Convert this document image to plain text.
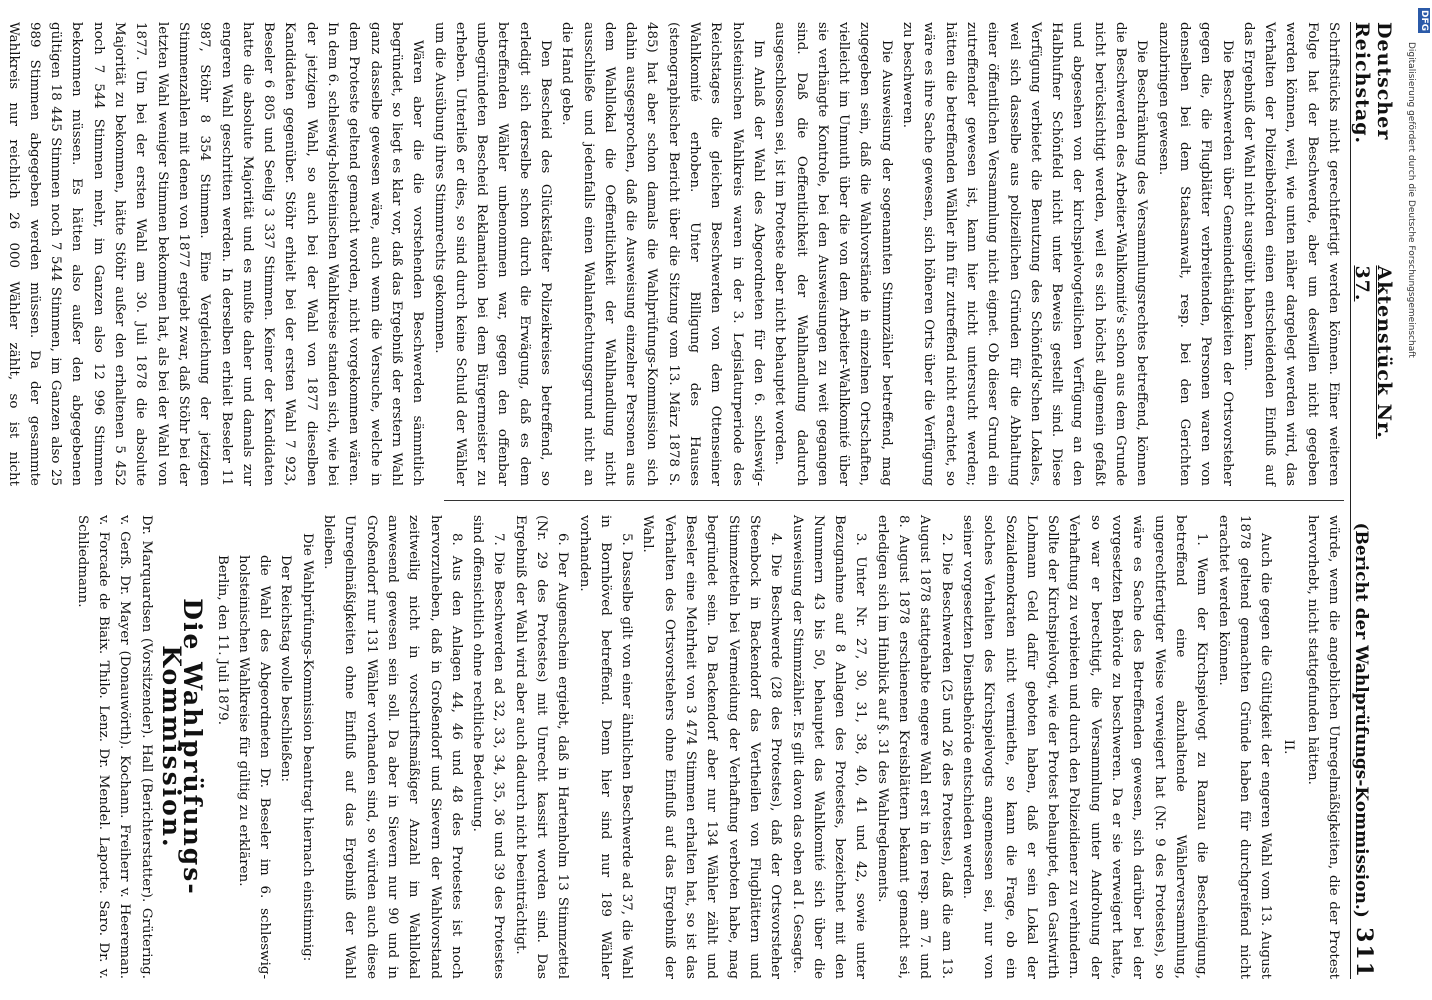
Deutscher Reichstag.
Aktenstück Nr. 37.
(Bericht der Wahlprüfungs-Kommission.)
311

Schriftstücks nicht gerechtfertigt werden können. Einer weiteren Folge hat der Beschwerde, aber um deswillen nicht gegeben werden können, weil, wie unten näher dargelegt werden wird, das Verhalten der Polizeibehörden einen entscheidenden Einfluß auf das Ergebniß der Wahl nicht ausgeübt haben kann.

Die Beschwerden über Gemeindethätigkeiten der Ortsvorsteher gegen die, die Flugblätter verbreitenden, Personen waren von denselben bei dem Staatsanwalt, resp. bei den Gerichten anzubringen gewesen.

Die Beschränkung des Versammlungsrechtes betreffend, können die Beschwerden des Arbeiter-Wahlkomité's schon aus dem Grunde nicht berücksichtigt werden, weil es sich höchst allgemein gefaßt und abgesehen von der kirchspielvogteilichen Verfügung an den Halbhufner Schönfeld nicht unter Beweis gestellt sind. Diese Verfügung verbietet die Benutzung des Schönfeld'schen Lokales, weil sich dasselbe aus polizeilichen Gründen für die Abhaltung einer öffentlichen Versammlung nicht eignet. Ob dieser Grund ein zutreffender gewesen ist, kann hier nicht untersucht werden; hätten die betreffenden Wähler ihn für zutreffend nicht erachtet, so wäre es ihre Sache gewesen, sich höheren Orts über die Verfügung zu beschweren.

Die Ausweisung der sogenannten Stimmzähler betreffend, mag zugegeben sein, daß die Wahlvorstände in einzelnen Ortschaften, vielleicht im Unmuth über die von dem Arbeiter-Wahlkomité über sie verhängte Kontrole, bei den Ausweisungen zu weit gegangen sind. Daß die Oeffentlichkeit der Wahlhandlung dadurch ausgeschlossen sei, ist im Proteste aber nicht behauptet worden.

Im Anlaß der Wahl des Abgeordneten für den 6. schleswig-holsteinischen Wahlkreis waren in der 3. Legislaturperiode des Reichstages die gleichen Beschwerden von dem Ottenseiner Wahlkomité erhoben. Unter Billigung des Hauses (stenographischer Bericht über die Sitzung vom 13. März 1878 S. 485) hat aber schon damals die Wahlprüfungs-Kommission sich dahin ausgesprochen, daß die Ausweisung einzelner Personen aus dem Wahllokal die Oeffentlichkeit der Wahlhandlung nicht ausschließe und jedenfalls einen Wahlanfechtungsgrund nicht an die Hand gebe.

Den Bescheid des Glückstädter Polizeikreises betreffend, so erledigt sich derselbe schon durch die Erwägung, daß es dem betreffenden Wähler unbenommen war, gegen den offenbar unbegründeten Bescheid Reklamation bei dem Bürgermeister zu erheben. Unterließ er dies, so sind durch keine Schuld der Wähler um die Ausübung ihres Stimmrechts gekommen.

Wären aber die die vorstehenden Beschwerden sämmtlich begründet, so liegt es klar vor, daß das Ergebniß der erstern Wahl ganz dasselbe gewesen wäre, auch wenn die Versuche, welche in dem Proteste geltend gemacht worden, nicht vorgekommen wären. In dem 6. schleswig-holsteinischen Wahlkreise standen sich, wie bei der jetzigen Wahl, so auch bei der Wahl von 1877 dieselben Kandidaten gegenüber. Stöhr erhielt bei der ersten Wahl 7 923, Beseler 6 805 und Seelig 3 337 Stimmen. Keiner der Kandidaten hatte die absolute Majorität und es mußte daher und damals zur engeren Wahl geschritten werden. In derselben erhielt Beseler 11 987, Stöhr 8 354 Stimmen. Eine Vergleichung der jetzigen Stimmenzahlen mit denen von 1877 ergiebt zwar, daß Stöhr bei der letzten Wahl weniger Stimmen bekommen hat, als bei der Wahl von 1877. Um bei der ersten Wahl am 30. Juli 1878 die absolute Majorität zu bekommen, hätte Stöhr außer den erhaltenen 5 452 noch 7 544 Stimmen mehr, im Ganzen also 12 996 Stimmen bekommen müssen. Es hätten also außer den abgegebenen gültigen 18 445 Stimmen noch 7 544 Stimmen, im Ganzen also 25 989 Stimmen abgegeben werden müssen. Da der gesammte Wahlkreis nur reichlich 26 000 Wähler zählt, so ist nicht

würde, wenn die angeblichen Unregelmäßigkeiten, die der Protest hervorhebt, nicht stattgefunden hätten.

II.

Auch die gegen die Gültigkeit der engeren Wahl vom 13. August 1878 geltend gemachten Gründe haben für durchgreifend nicht erachtet werden können.

1. Wenn der Kirchspielvogt zu Ranzau die Bescheinigung, betreffend eine abzuhaltende Wählerversammlung, ungerechtfertigter Weise verweigert hat (Nr. 9 des Protestes), so wäre es Sache des Betreffenden gewesen, sich darüber bei der vorgesetzten Behörde zu beschweren. Da er sie verweigert hatte, so war er berechtigt, die Versammlung unter Androhung der Verhaftung zu verbieten und durch den Polizeidiener zu verhindern. Sollte der Kirchspielvogt, wie der Protest behauptet, den Gastwirth Lohmann Geld dafür geboten haben, daß er sein Lokal der Sozialdemokraten nicht vermiethe, so kann die Frage, ob ein solches Verhalten des Kirchspielvogts angemessen sei, nur von seiner vorgesetzten Dienstbehörde entschieden werden.

2. Die Beschwerden (25 und 26 des Protestes), daß die am 13. August 1878 stattgehabte engere Wahl erst in den resp. am 7. und 8. August 1878 erschienenen Kreisblättern bekannt gemacht sei, erledigen sich im Hinblick auf §. 31 des Wahlreglements.

3. Unter Nr. 27, 30, 31, 38, 40, 41 und 42, sowie unter Bezugnahme auf 8 Anlagen des Protestes, bezeichnet mit den Nummern 43 bis 50, behauptet das Wahlkomité sich über die Ausweisung der Stimmzähler. Es gilt davon das oben ad I. Gesagte.

4. Die Beschwerde (28 des Protestes), daß der Ortsvorsteher Steenbock in Backendorf das Vertheilen von Flugblättern und Stimmzetteln bei Vermeidung der Verhaftung verboten habe, mag begründet sein. Da Backendorf aber nur 134 Wähler zählt und Beseler eine Mehrheit von 3 474 Stimmen erhalten hat, so ist das Verhalten des Ortsvorstehers ohne Einfluß auf das Ergebniß der Wahl.

5. Dasselbe gilt von einer ähnlichen Beschwerde ad 37, die Wahl in Bornhöved betreffend. Denn hier sind nur 189 Wähler vorhanden.

6. Der Augenschein ergiebt, daß in Hartenholm 13 Stimmzettel (Nr. 29 des Protestes) mit Unrecht kassirt worden sind. Das Ergebniß der Wahl wird aber auch dadurch nicht beeinträchtigt.

7. Die Beschwerden ad 32, 33, 34, 35, 36 und 39 des Protestes sind offensichtlich ohne rechtliche Bedeutung.

8. Aus den Anlagen 44, 46 und 48 des Protestes ist noch hervorzuheben, daß in Großendorf und Sievern der Wahlvorstand zeitweilig nicht in vorschriftsmäßiger Anzahl im Wahllokal anwesend gewesen sein soll. Da aber in Sievern nur 90 und in Großendorf nur 131 Wähler vorhanden sind, so würden auch diese Unregelmäßigkeiten ohne Einfluß auf das Ergebniß der Wahl bleiben.

Die Wahlprüfungs-Kommission beantragt hiernach einstimmig:

Der Reichstag wolle beschließen:

die Wahl des Abgeordneten Dr. Beseler im 6. schleswig-holsteinischen Wahlkreise für gültig zu erklären.

Berlin, den 11. Juli 1879.

Die Wahlprüfungs-Kommission.

Dr. Marquardsen (Vorsitzender). Hall (Berichterstatter). Grütering. v. Gerß. Dr. Mayer (Donauwörth). Kochann. Freiherr v. Heereman. v. Forcade de Biaix. Thilo. Lenz. Dr. Mendel. Laporte. Saro. Dr. v. Schliedmann.

Digitalisierung gefördert durch die Deutsche Forschungsgemeinschaft
DFG
